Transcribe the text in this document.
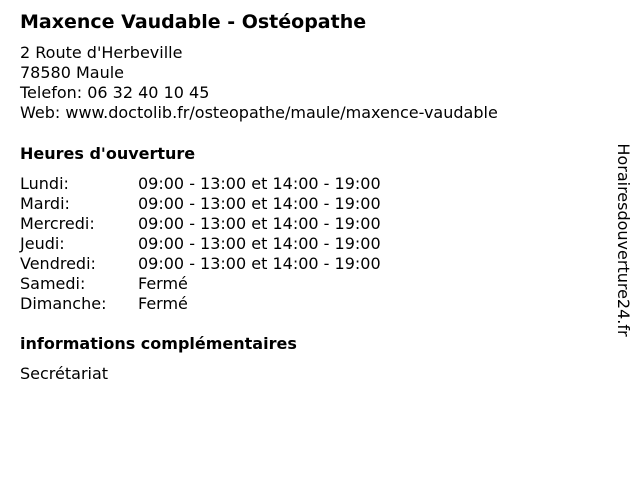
Maxence Vaudable - Ostéopathe
2 Route d'Herbeville
78580 Maule
Telefon: 06 32 40 10 45
Web: www.doctolib.fr/osteopathe/maule/maxence-vaudable
Heures d'ouverture
Lundi:	09:00 - 13:00 et 14:00 - 19:00
Mardi:	09:00 - 13:00 et 14:00 - 19:00
Mercredi:	09:00 - 13:00 et 14:00 - 19:00
Jeudi:	09:00 - 13:00 et 14:00 - 19:00
Vendredi:	09:00 - 13:00 et 14:00 - 19:00
Samedi:	Fermé
Dimanche:	Fermé
informations complémentaires
Secrétariat
Horairesdouverture24.fr
